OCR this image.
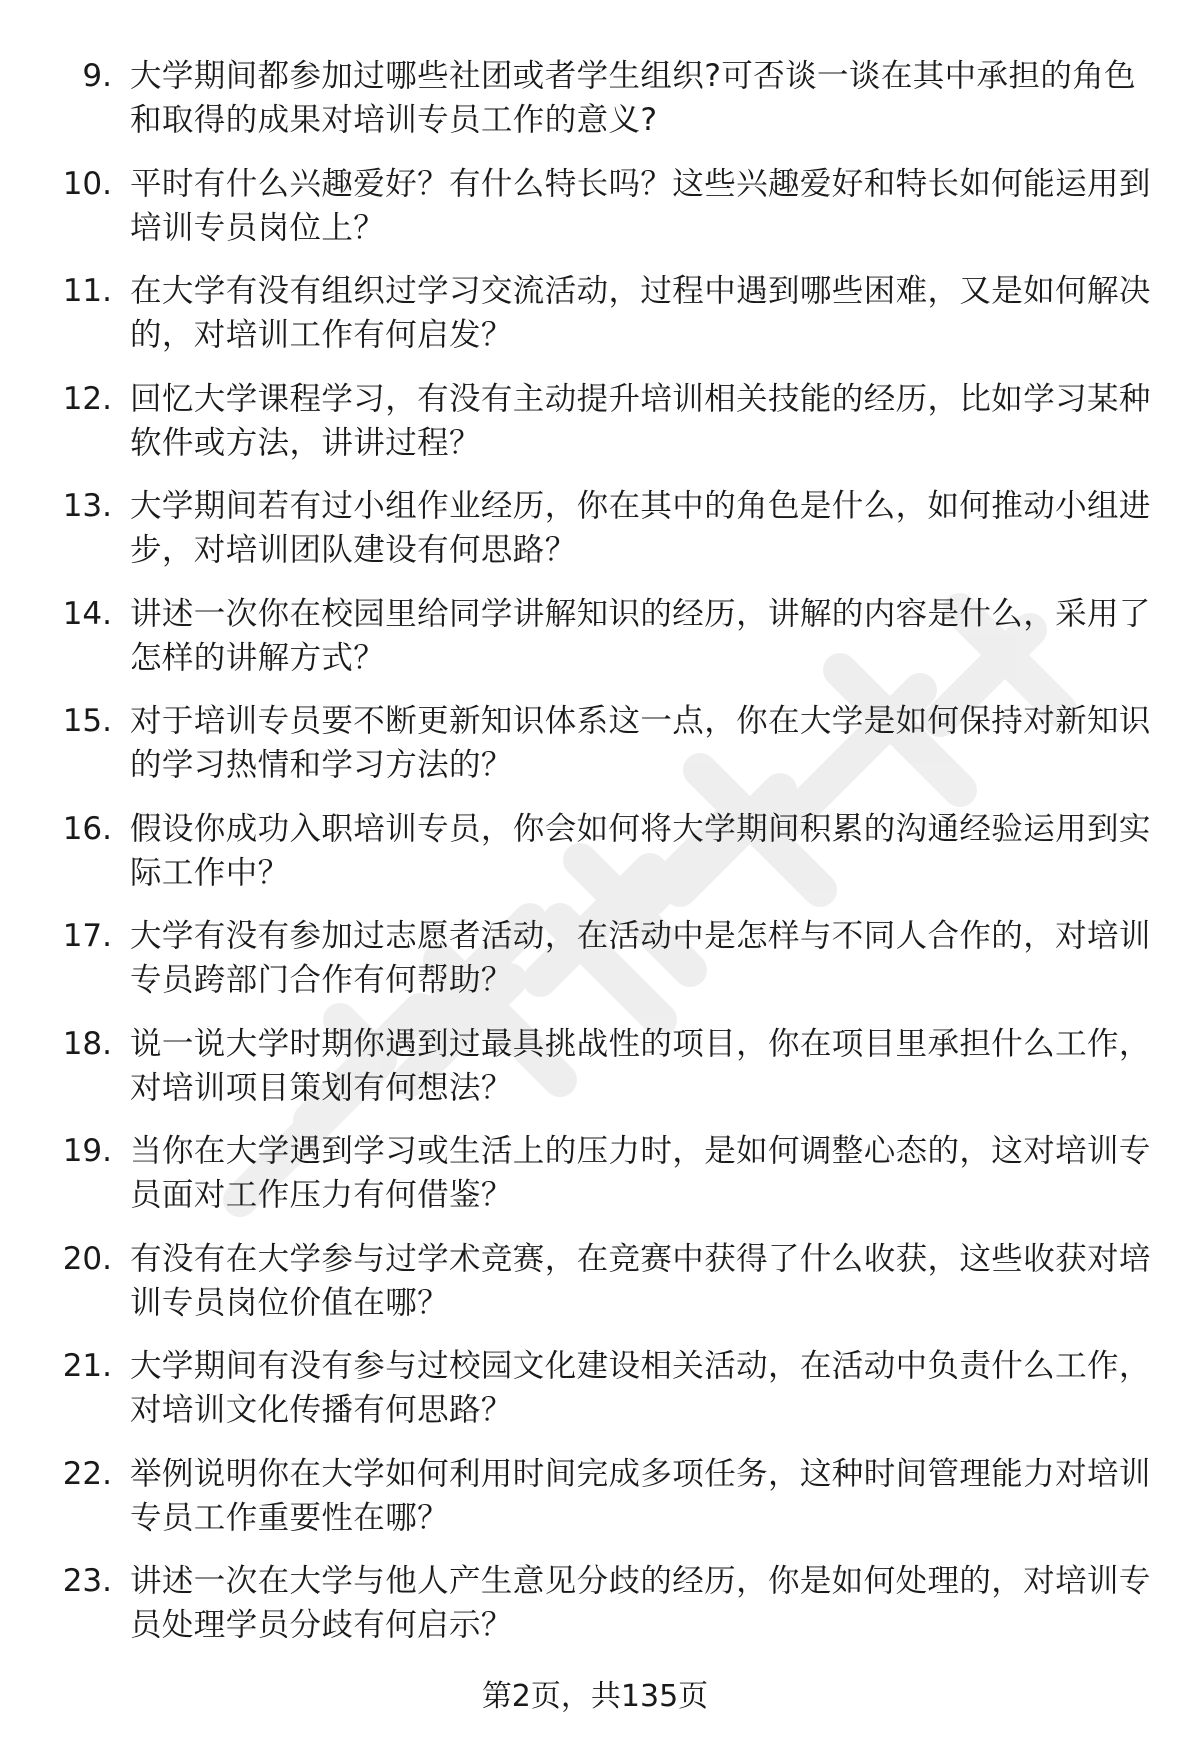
9. 大学期间都参加过哪些社团或者学生组织?可否谈一谈在其中承担的角色和取得的成果对培训专员工作的意义?
10. 平时有什么兴趣爱好？有什么特长吗？这些兴趣爱好和特长如何能运用到培训专员岗位上？
11. 在大学有没有组织过学习交流活动，过程中遇到哪些困难，又是如何解决的，对培训工作有何启发？
12. 回忆大学课程学习，有没有主动提升培训相关技能的经历，比如学习某种软件或方法，讲讲过程？
13. 大学期间若有过小组作业经历，你在其中的角色是什么，如何推动小组进步，对培训团队建设有何思路？
14. 讲述一次你在校园里给同学讲解知识的经历，讲解的内容是什么，采用了怎样的讲解方式？
15. 对于培训专员要不断更新知识体系这一点，你在大学是如何保持对新知识的学习热情和学习方法的？
16. 假设你成功入职培训专员，你会如何将大学期间积累的沟通经验运用到实际工作中？
17. 大学有没有参加过志愿者活动，在活动中是怎样与不同人合作的，对培训专员跨部门合作有何帮助？
18. 说一说大学时期你遇到过最具挑战性的项目，你在项目里承担什么工作，对培训项目策划有何想法？
19. 当你在大学遇到学习或生活上的压力时，是如何调整心态的，这对培训专员面对工作压力有何借鉴？
20. 有没有在大学参与过学术竞赛，在竞赛中获得了什么收获，这些收获对培训专员岗位价值在哪？
21. 大学期间有没有参与过校园文化建设相关活动，在活动中负责什么工作，对培训文化传播有何思路？
22. 举例说明你在大学如何利用时间完成多项任务，这种时间管理能力对培训专员工作重要性在哪？
23. 讲述一次在大学与他人产生意见分歧的经历，你是如何处理的，对培训专员处理学员分歧有何启示？
第2页，共135页
